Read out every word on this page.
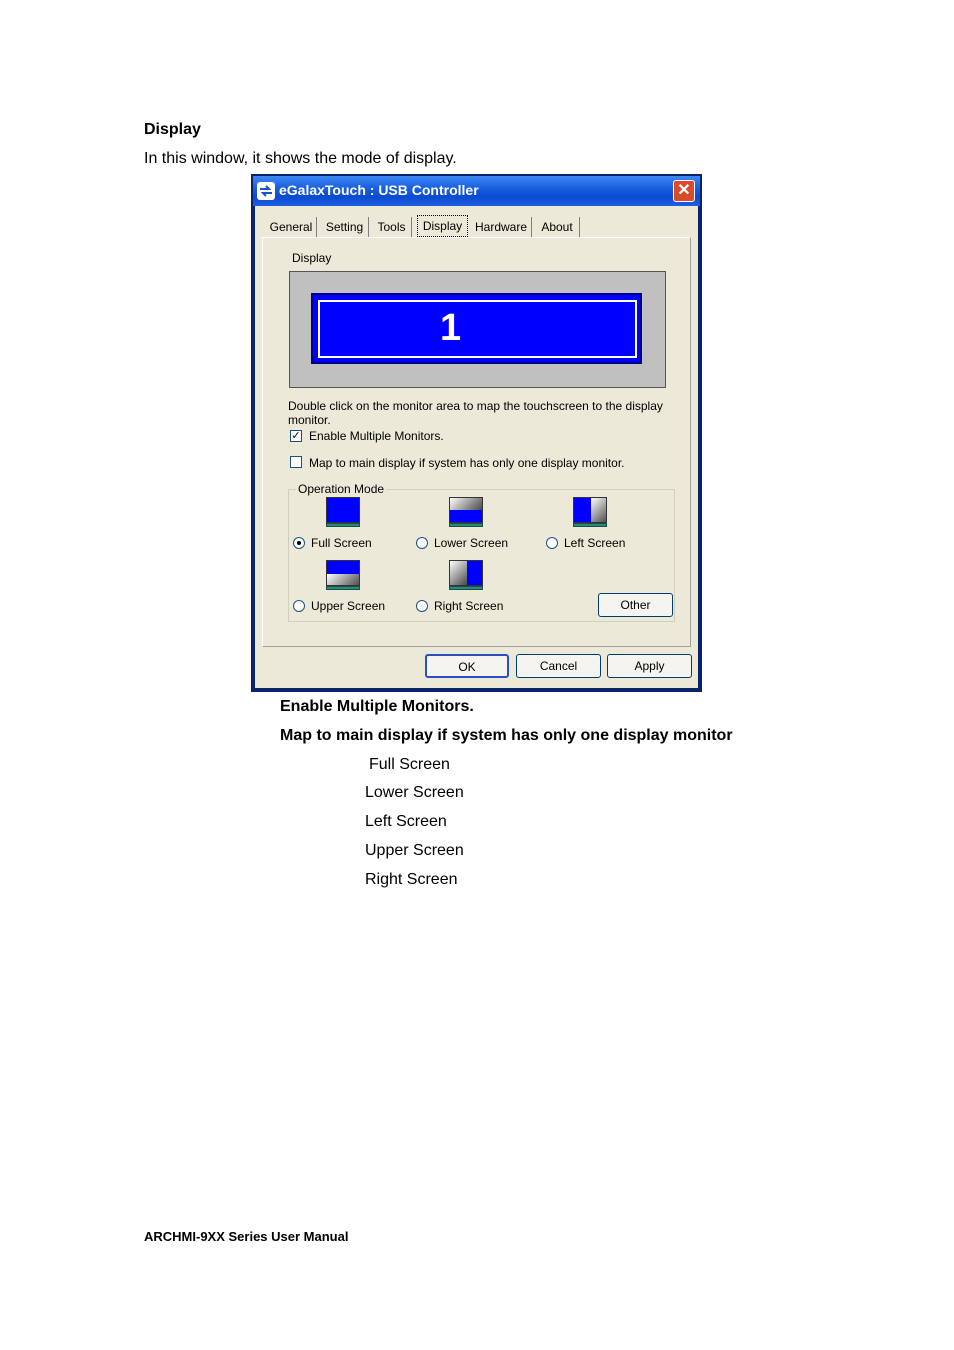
Display
In this window, it shows the mode of display.
eGalaxTouch : USB Controller	✕
General	Setting	Tools	Display	Hardware	About
Display
1
Double click on the monitor area to map the touchscreen to the display monitor.
✓ Enable Multiple Monitors.
Map to main display if system has only one display monitor.
Operation Mode
Full Screen	Lower Screen	Left Screen
Upper Screen	Right Screen	Other
OK	Cancel	Apply
Enable Multiple Monitors.
Map to main display if system has only one display monitor
Full Screen
Lower Screen
Left Screen
Upper Screen
Right Screen
ARCHMI-9XX Series User Manual
